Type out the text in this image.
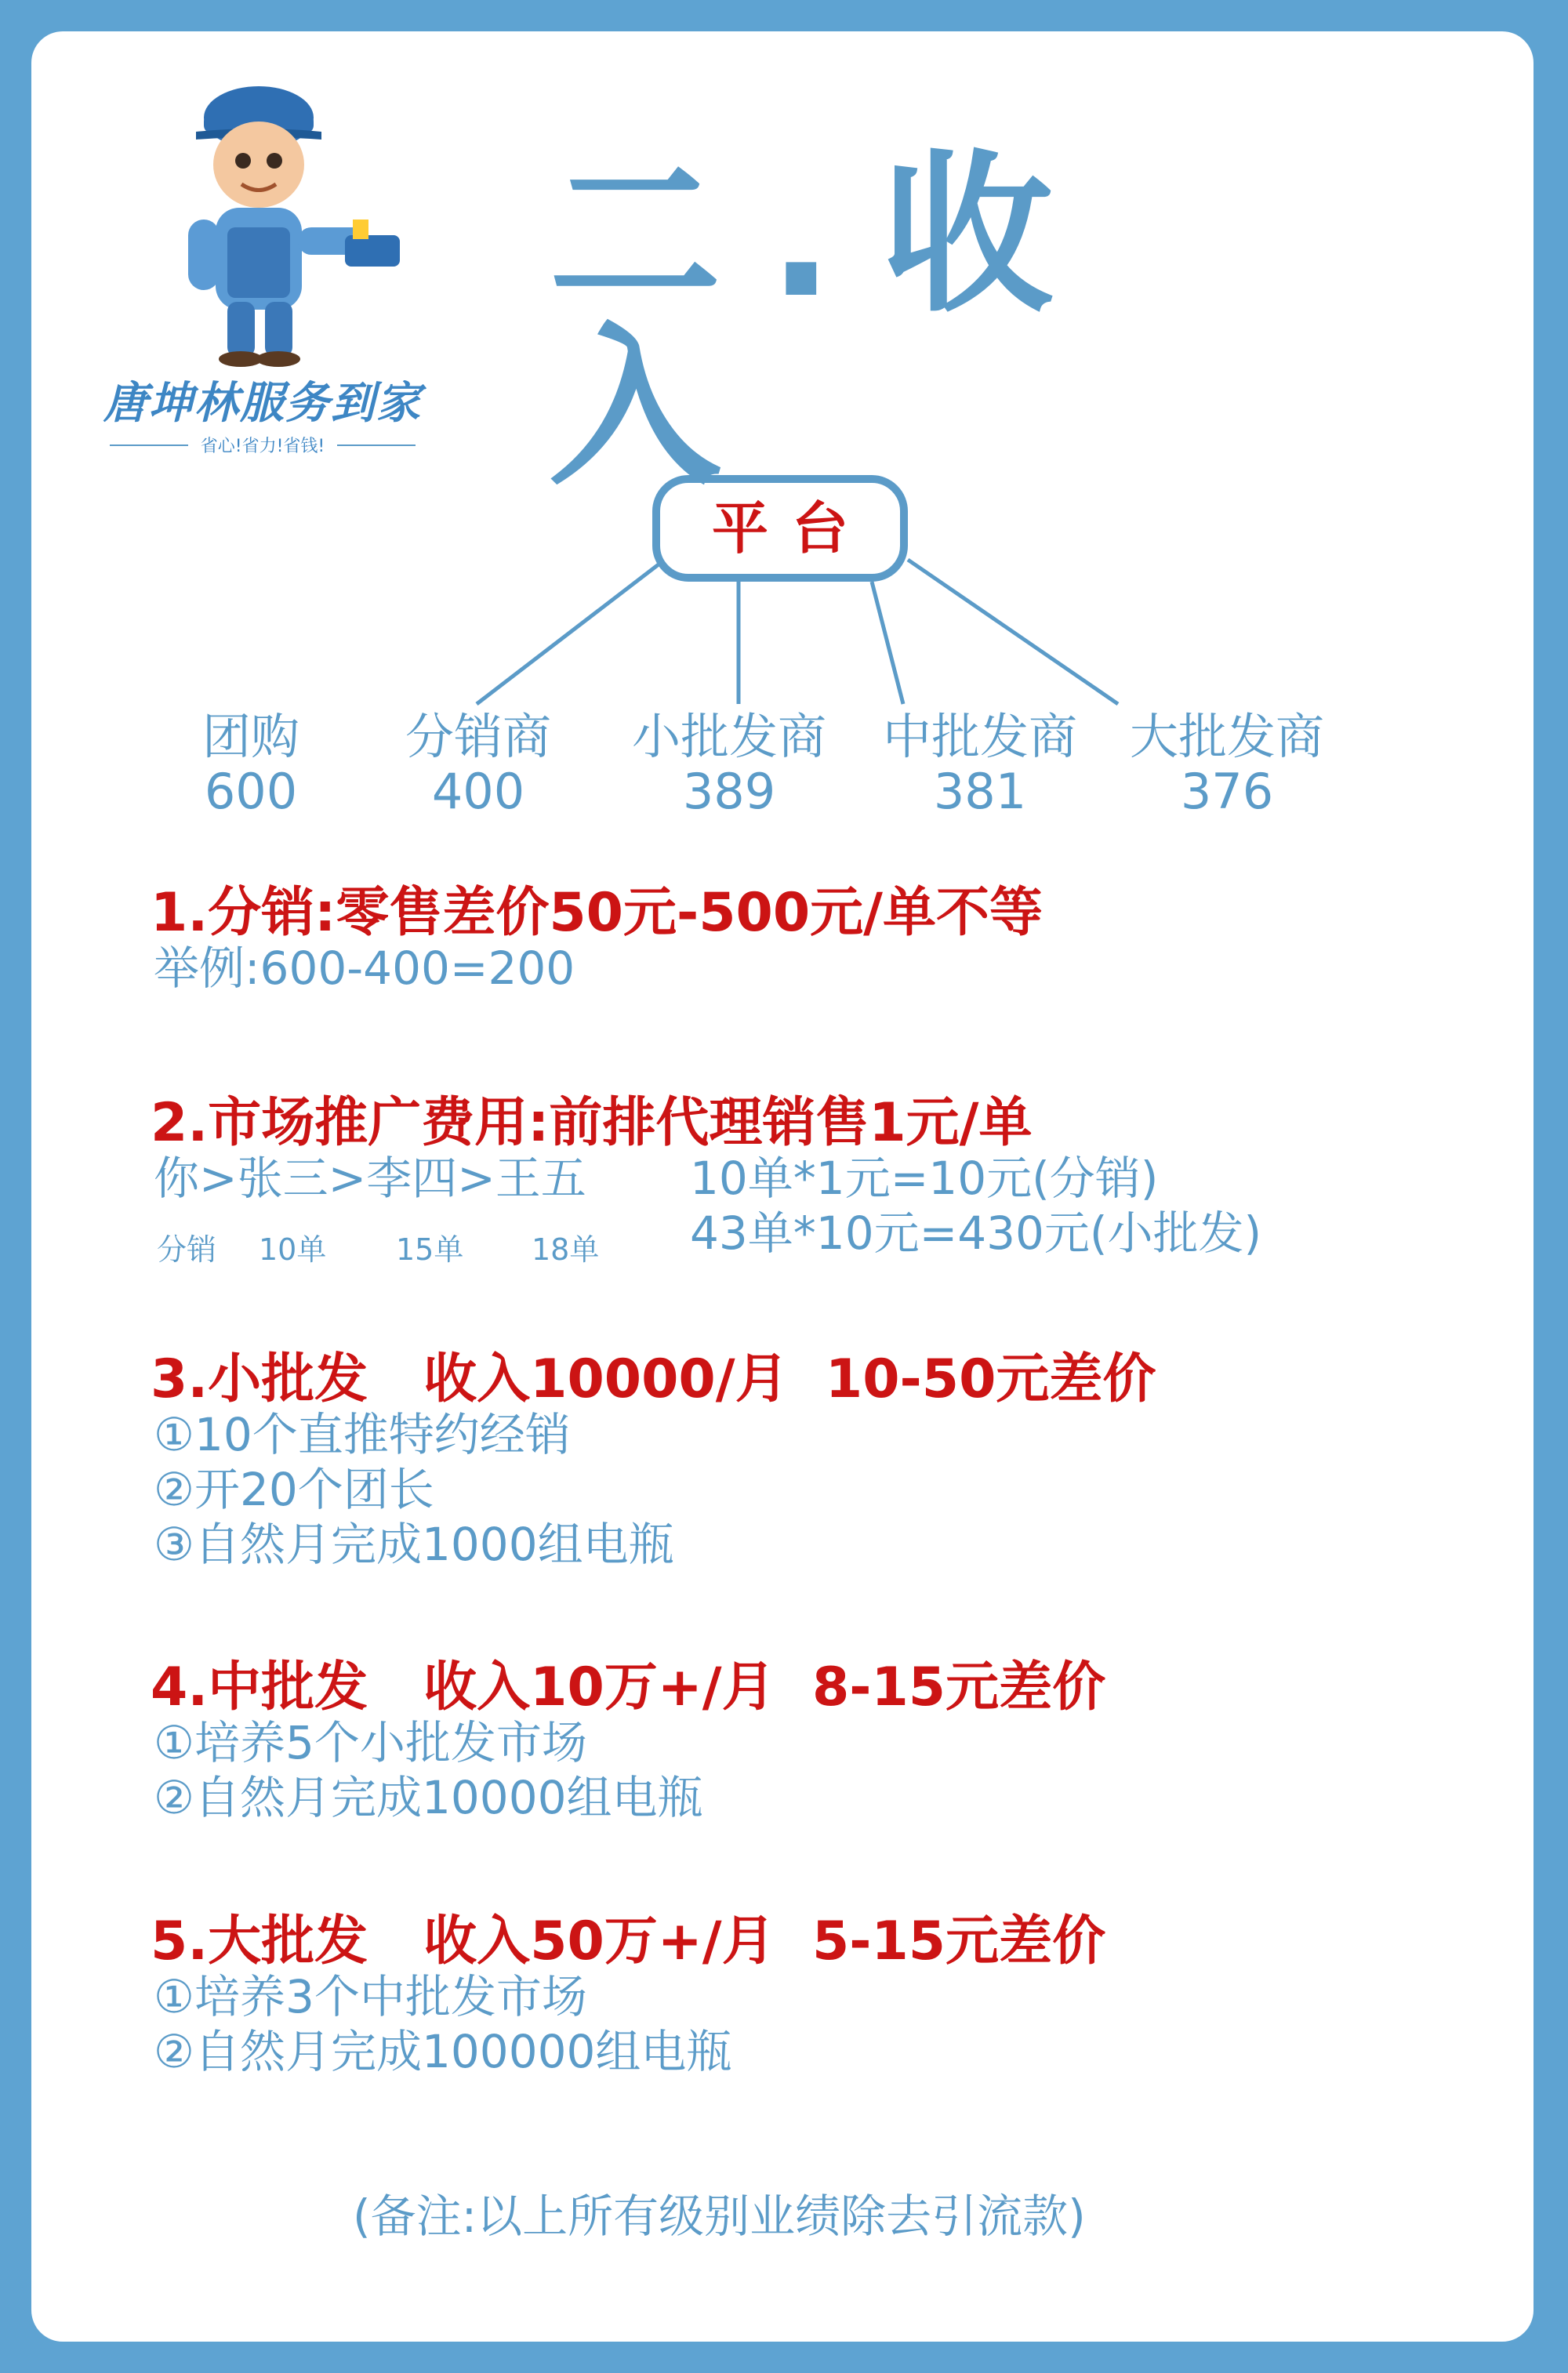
唐坤林服务到家
省心!省力!省钱!
二.收入
平台
团购
600
分销商
400
小批发商
389
中批发商
381
大批发商
376
1.分销:零售差价50元-500元/单不等
举例:600-400=200
2.市场推广费用:前排代理销售1元/单
你>张三>李四>王五
分销 10单 15单 18单
10单*1元=10元(分销)
43单*10元=430元(小批发)
3.小批发   收入10000/月  10-50元差价
①10个直推特约经销
②开20个团长
③自然月完成1000组电瓶
4.中批发   收入10万+/月  8-15元差价
①培养5个小批发市场
②自然月完成10000组电瓶
5.大批发   收入50万+/月  5-15元差价
①培养3个中批发市场
②自然月完成100000组电瓶
(备注:以上所有级别业绩除去引流款)
